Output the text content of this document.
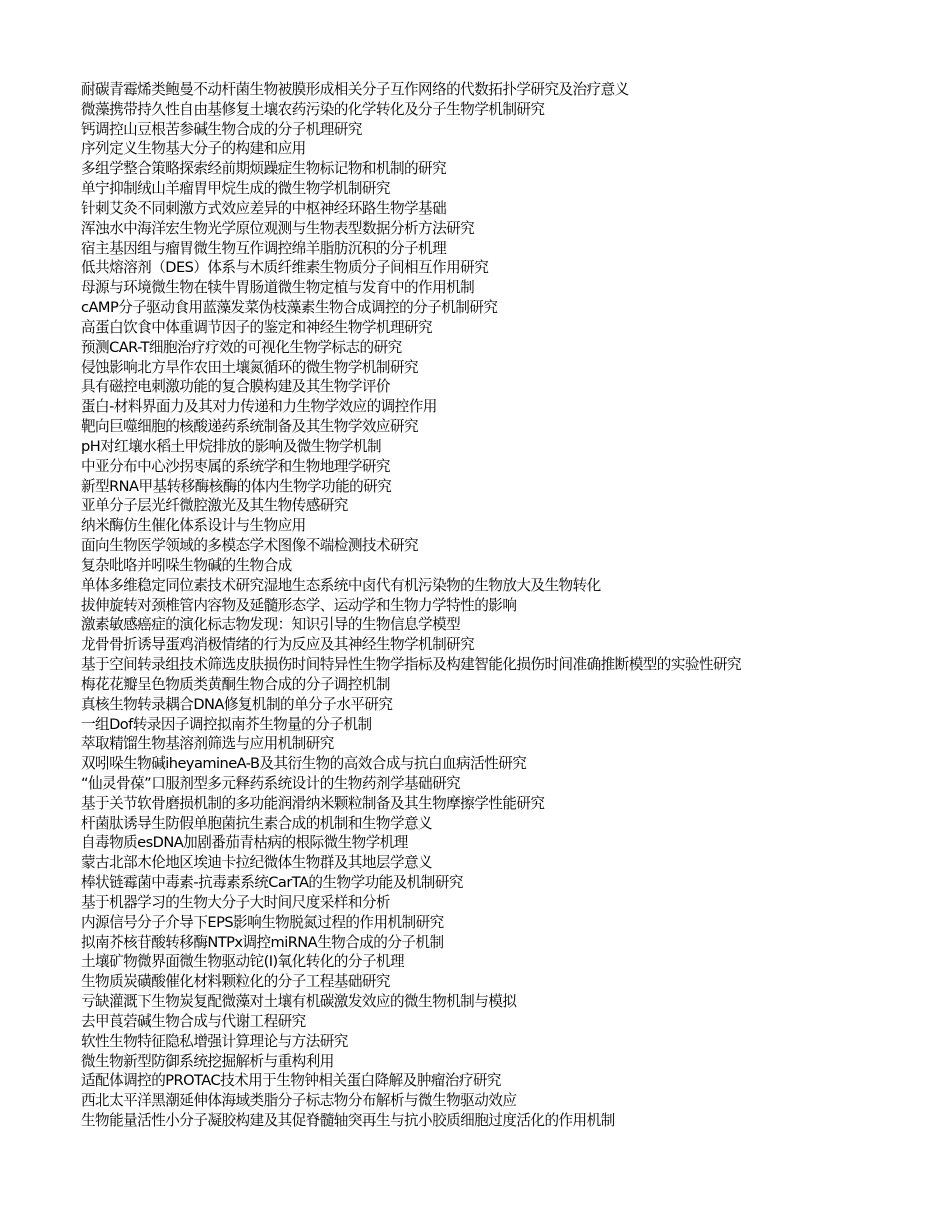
耐碳青霉烯类鲍曼不动杆菌生物被膜形成相关分子互作网络的代数拓扑学研究及治疗意义
微藻携带持久性自由基修复土壤农药污染的化学转化及分子生物学机制研究
钙调控山豆根苦参碱生物合成的分子机理研究
序列定义生物基大分子的构建和应用
多组学整合策略探索经前期烦躁症生物标记物和机制的研究
单宁抑制绒山羊瘤胃甲烷生成的微生物学机制研究
针刺艾灸不同刺激方式效应差异的中枢神经环路生物学基础
浑浊水中海洋宏生物光学原位观测与生物表型数据分析方法研究
宿主基因组与瘤胃微生物互作调控绵羊脂肪沉积的分子机理
低共熔溶剂（DES）体系与木质纤维素生物质分子间相互作用研究
母源与环境微生物在犊牛胃肠道微生物定植与发育中的作用机制
cAMP分子驱动食用蓝藻发菜伪枝藻素生物合成调控的分子机制研究
高蛋白饮食中体重调节因子的鉴定和神经生物学机理研究
预测CAR-T细胞治疗疗效的可视化生物学标志的研究
侵蚀影响北方旱作农田土壤氮循环的微生物学机制研究
具有磁控电刺激功能的复合膜构建及其生物学评价
蛋白-材料界面力及其对力传递和力生物学效应的调控作用
靶向巨噬细胞的核酸递药系统制备及其生物学效应研究
pH对红壤水稻土甲烷排放的影响及微生物学机制
中亚分布中心沙拐枣属的系统学和生物地理学研究
新型RNA甲基转移酶核酶的体内生物学功能的研究
亚单分子层光纤微腔激光及其生物传感研究
纳米酶仿生催化体系设计与生物应用
面向生物医学领域的多模态学术图像不端检测技术研究
复杂吡咯并吲哚生物碱的生物合成
单体多维稳定同位素技术研究湿地生态系统中卤代有机污染物的生物放大及生物转化
拔伸旋转对颈椎管内容物及延髓形态学、运动学和生物力学特性的影响
激素敏感癌症的演化标志物发现：知识引导的生物信息学模型
龙骨骨折诱导蛋鸡消极情绪的行为反应及其神经生物学机制研究
基于空间转录组技术筛选皮肤损伤时间特异性生物学指标及构建智能化损伤时间准确推断模型的实验性研究
梅花花瓣呈色物质类黄酮生物合成的分子调控机制
真核生物转录耦合DNA修复机制的单分子水平研究
一组Dof转录因子调控拟南芥生物量的分子机制
萃取精馏生物基溶剂筛选与应用机制研究
双吲哚生物碱iheyamineA-B及其衍生物的高效合成与抗白血病活性研究
“仙灵骨葆”口服剂型多元释药系统设计的生物药剂学基础研究
基于关节软骨磨损机制的多功能润滑纳米颗粒制备及其生物摩擦学性能研究
杆菌肽诱导生防假单胞菌抗生素合成的机制和生物学意义
自毒物质esDNA加剧番茄青枯病的根际微生物学机理
蒙古北部木伦地区埃迪卡拉纪微体生物群及其地层学意义
棒状链霉菌中毒素-抗毒素系统CarTA的生物学功能及机制研究
基于机器学习的生物大分子大时间尺度采样和分析
内源信号分子介导下EPS影响生物脱氮过程的作用机制研究
拟南芥核苷酸转移酶NTPx调控miRNA生物合成的分子机制
土壤矿物微界面微生物驱动铊(I)氧化转化的分子机理
生物质炭磺酸催化材料颗粒化的分子工程基础研究
亏缺灌溉下生物炭复配微藻对土壤有机碳激发效应的微生物机制与模拟
去甲莨菪碱生物合成与代谢工程研究
软性生物特征隐私增强计算理论与方法研究
微生物新型防御系统挖掘解析与重构利用
适配体调控的PROTAC技术用于生物钟相关蛋白降解及肿瘤治疗研究
西北太平洋黑潮延伸体海域类脂分子标志物分布解析与微生物驱动效应
生物能量活性小分子凝胶构建及其促脊髓轴突再生与抗小胶质细胞过度活化的作用机制
